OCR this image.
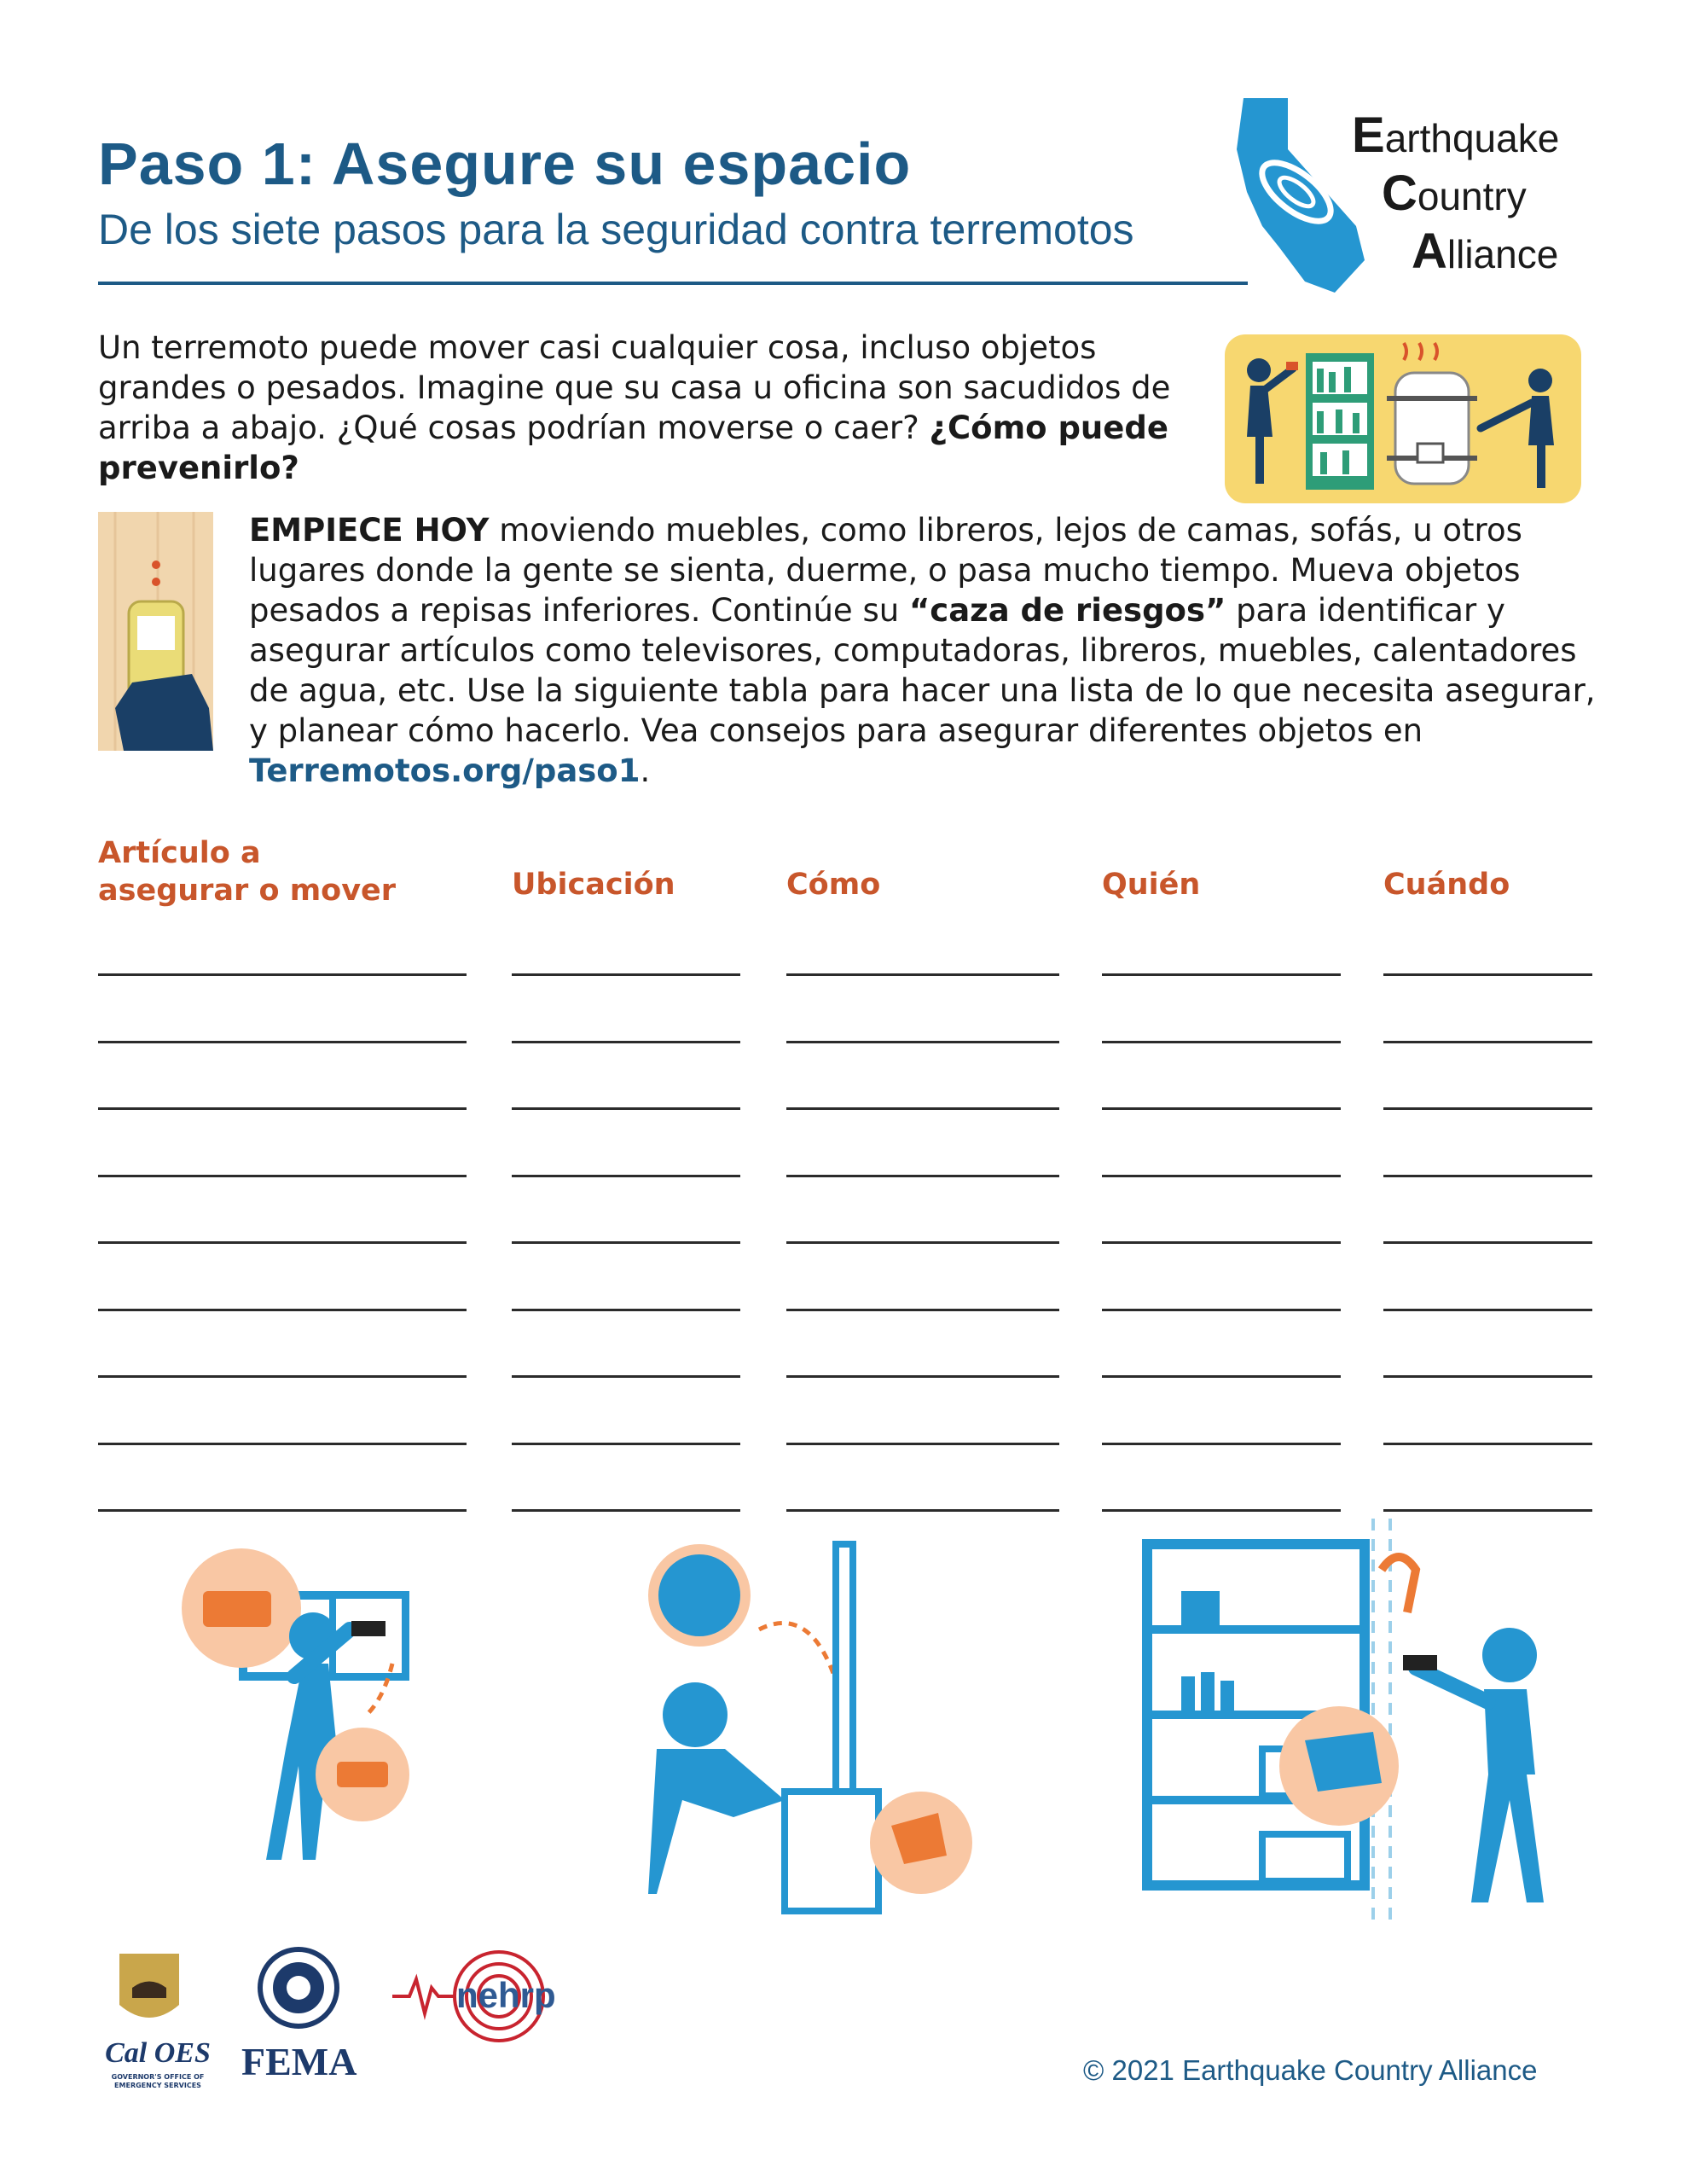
Paso 1: Asegure su espacio
De los siete pasos para la seguridad contra terremotos
Earthquake
Country
Alliance
Un terremoto puede mover casi cualquier cosa, incluso objetos grandes o pesados. Imagine que su casa u oficina son sacudidos de arriba a abajo. ¿Qué cosas podrían moverse o caer? ¿Cómo puede prevenirlo?
EMPIECE HOY moviendo muebles, como libreros, lejos de camas, sofás, u otros lugares donde la gente se sienta, duerme, o pasa mucho tiempo. Mueva objetos pesados a repisas inferiores. Continúe su “caza de riesgos” para identificar y asegurar artículos como televisores, computadoras, libreros, muebles, calentadores de agua, etc. Use la siguiente tabla para hacer una lista de lo que necesita asegurar, y planear cómo hacerlo. Vea consejos para asegurar diferentes objetos en Terremotos.org/paso1.
Artículo a
asegurar o mover	Ubicación	Cómo	Quién	Cuándo
Cal OES
GOVERNOR'S OFFICE OF EMERGENCY SERVICES
FEMA
nehrp
© 2021 Earthquake Country Alliance
